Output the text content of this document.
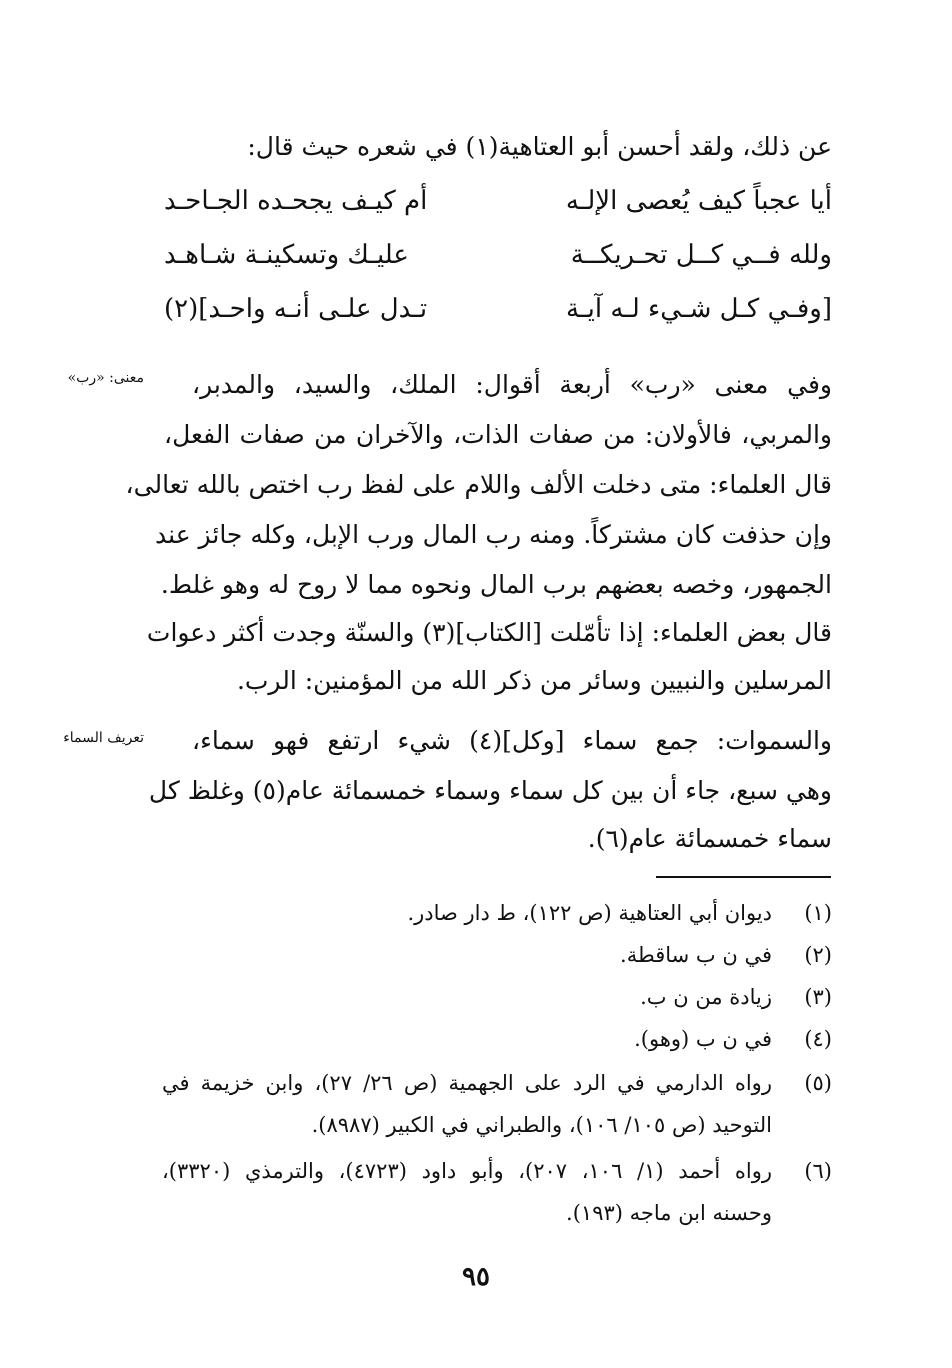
عن ذلك، ولقد أحسن أبو العتاهية(١) في شعره حيث قال:
أيا عجباً كيف يُعصى الإلـه
أم كيـف يجحـده الجـاحـد
ولله فــي كــل تحـريكــة
عليـك وتسكينـة شـاهـد
[وفـي كـل شـيء لـه آيـة
تـدل علـى أنـه واحـد](٢)
معنى: «رب» وفي معنى «رب» أربعة أقوال: الملك، والسيد، والمدبر،
والمربي، فالأولان: من صفات الذات، والآخران من صفات الفعل،
قال العلماء: متى دخلت الألف واللام على لفظ رب اختص بالله تعالى،
وإن حذفت كان مشتركاً. ومنه رب المال ورب الإبل، وكله جائز عند
الجمهور، وخصه بعضهم برب المال ونحوه مما لا روح له وهو غلط.
قال بعض العلماء: إذا تأمّلت [الكتاب](٣) والسنّة وجدت أكثر دعوات
المرسلين والنبيين وسائر من ذكر الله من المؤمنين: الرب.
تعريف السماء والسموات: جمع سماء [وكل](٤) شيء ارتفع فهو سماء،
وهي سبع، جاء أن بين كل سماء وسماء خمسمائة عام(٥) وغلظ كل
سماء خمسمائة عام(٦).
(١)
ديوان أبي العتاهية (ص ١٢٢)، ط دار صادر.
(٢)
في ن ب ساقطة.
(٣)
زيادة من ن ب.
(٤)
في ن ب (وهو).
(٥)
رواه الدارمي في الرد على الجهمية (ص ٢٦/ ٢٧)، وابن خزيمة في
التوحيد (ص ١٠٥/ ١٠٦)، والطبراني في الكبير (٨٩٨٧).
(٦)
رواه أحمد (١/ ١٠٦، ٢٠٧)، وأبو داود (٤٧٢٣)، والترمذي (٣٣٢٠)،
وحسنه ابن ماجه (١٩٣).
٩٥
